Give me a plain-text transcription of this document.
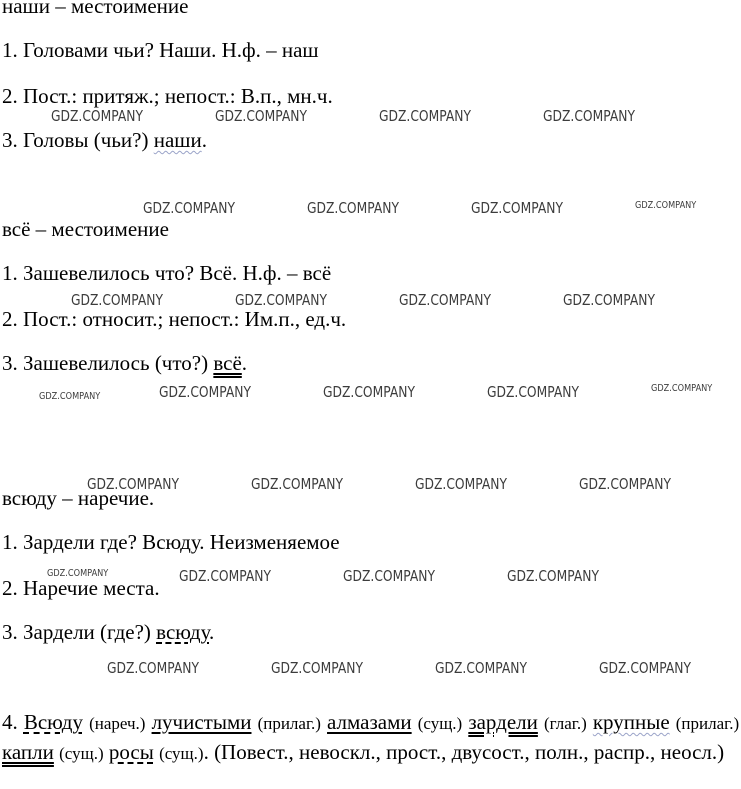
наши – местоимение
1. Головами чьи? Наши. Н.ф. – наш
2. Пост.: притяж.; непост.: В.п., мн.ч.
3. Головы (чьи?) наши.
всё – местоимение
1. Зашевелилось что? Всё. Н.ф. – всё
2. Пост.: относит.; непост.: Им.п., ед.ч.
3. Зашевелилось (что?) всё.
всюду – наречие.
1. Зардели где? Всюду. Неизменяемое
2. Наречие места.
3. Зардели (где?) всюду.
4. Всюду (нареч.) лучистыми (прилаг.) алмазами (сущ.) зардели (глаг.) крупные (прилаг.) капли (сущ.) росы (сущ.). (Повест., невоскл., прост., двусост., полн., распр., неосл.)
GDZ.COMPANY	GDZ.COMPANY	GDZ.COMPANY	GDZ.COMPANY
GDZ.COMPANY	GDZ.COMPANY	GDZ.COMPANY	GDZ.COMPANY
GDZ.COMPANY	GDZ.COMPANY	GDZ.COMPANY	GDZ.COMPANY
GDZ.COMPANY	GDZ.COMPANY	GDZ.COMPANY	GDZ.COMPANY	GDZ.COMPANY
GDZ.COMPANY	GDZ.COMPANY	GDZ.COMPANY	GDZ.COMPANY
GDZ.COMPANY	GDZ.COMPANY	GDZ.COMPANY	GDZ.COMPANY
GDZ.COMPANY	GDZ.COMPANY	GDZ.COMPANY	GDZ.COMPANY
